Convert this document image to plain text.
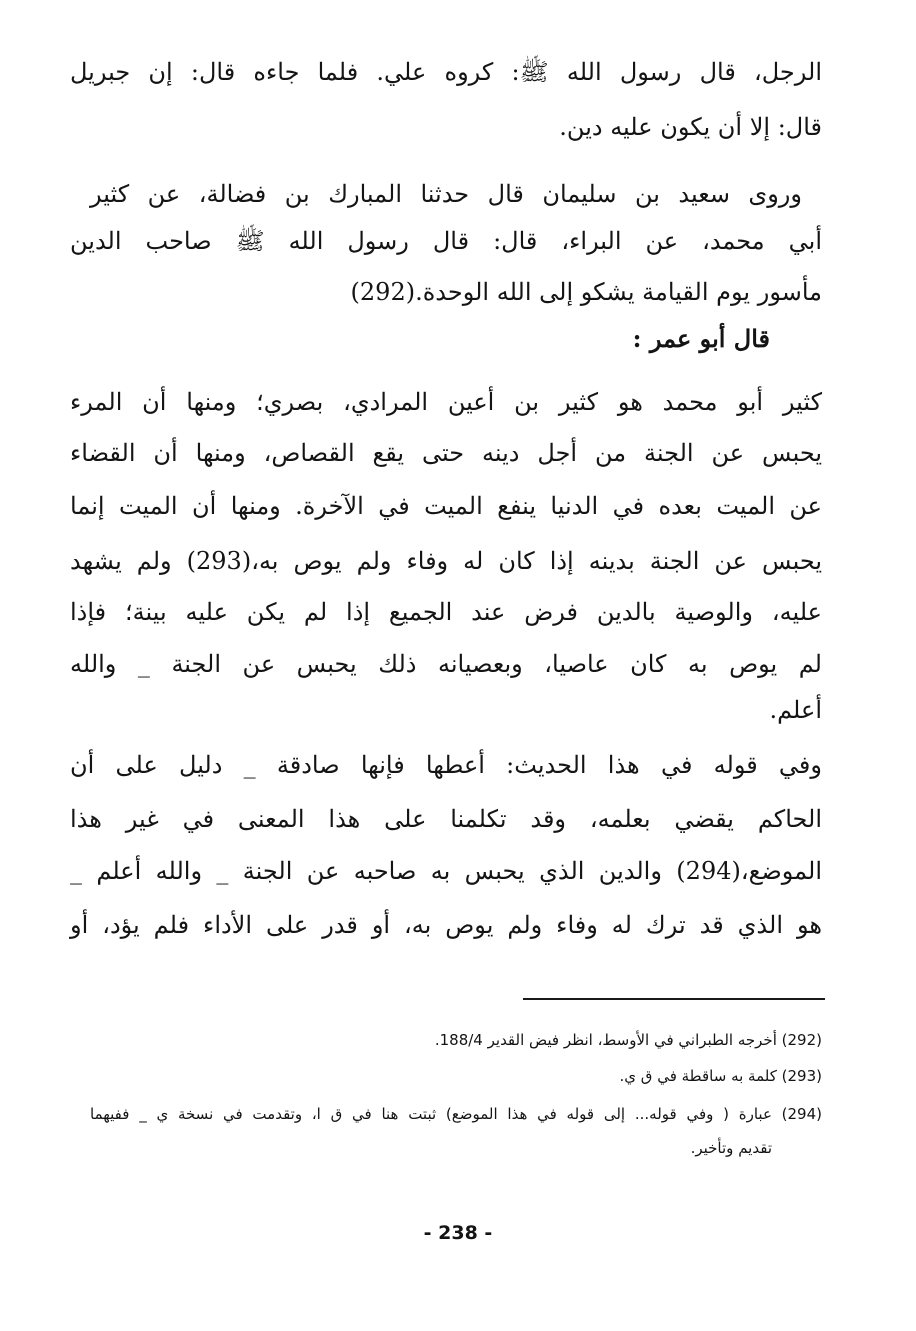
الرجل، قال رسول الله ﷺ: كروه علي. فلما جاءه قال: إن جبريل
قال: إلا أن يكون عليه دين.
وروى سعيد بن سليمان قال حدثنا المبارك بن فضالة، عن كثير
أبي محمد، عن البراء، قال: قال رسول الله ﷺ صاحب الدين
مأسور يوم القيامة يشكو إلى الله الوحدة.(292)
قال أبو عمر :
كثير أبو محمد هو كثير بن أعين المرادي، بصري؛ ومنها أن المرء
يحبس عن الجنة من أجل دينه حتى يقع القصاص، ومنها أن القضاء
عن الميت بعده في الدنيا ينفع الميت في الآخرة. ومنها أن الميت إنما
يحبس عن الجنة بدينه إذا كان له وفاء ولم يوص به،(293) ولم يشهد
عليه، والوصية بالدين فرض عند الجميع إذا لم يكن عليه بينة؛ فإذا
لم يوص به كان عاصيا، وبعصيانه ذلك يحبس عن الجنة _ والله
أعلم.
وفي قوله في هذا الحديث: أعطها فإنها صادقة _ دليل على أن
الحاكم يقضي بعلمه، وقد تكلمنا على هذا المعنى في غير هذا
الموضع،(294) والدين الذي يحبس به صاحبه عن الجنة _ والله أعلم _
هو الذي قد ترك له وفاء ولم يوص به، أو قدر على الأداء فلم يؤد، أو
(292) أخرجه الطبراني في الأوسط، انظر فيض القدير 188/4.
(293) كلمة به ساقطة في ق ي.
(294) عبارة ( وفي قوله... إلى قوله في هذا الموضع) ثبتت هنا في ق ا، وتقدمت في نسخة ي _ ففيهما
تقديم وتأخير.
- 238 -
